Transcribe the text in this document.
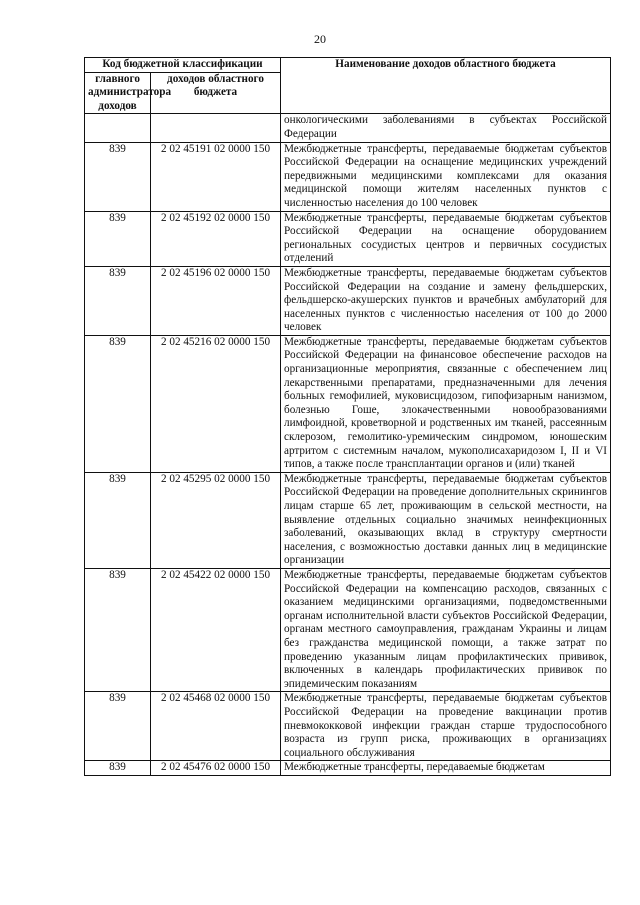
20
Код бюджетной классификации		Наименование доходов областного бюджета
главного администратора доходов	доходов областного бюджета	
		онкологическими заболеваниями в субъектах Российской Федерации
839	2 02 45191 02 0000 150	Межбюджетные трансферты, передаваемые бюджетам субъектов Российской Федерации на оснащение медицинских учреждений передвижными медицинскими комплексами для оказания медицинской помощи жителям населенных пунктов с численностью населения до 100 человек
839	2 02 45192 02 0000 150	Межбюджетные трансферты, передаваемые бюджетам субъектов Российской Федерации на оснащение оборудованием региональных сосудистых центров и первичных сосудистых отделений
839	2 02 45196 02 0000 150	Межбюджетные трансферты, передаваемые бюджетам субъектов Российской Федерации на создание и замену фельдшерских, фельдшерско-акушерских пунктов и врачебных амбулаторий для населенных пунктов с численностью населения от 100 до 2000 человек
839	2 02 45216 02 0000 150	Межбюджетные трансферты, передаваемые бюджетам субъектов Российской Федерации на финансовое обеспечение расходов на организационные мероприятия, связанные с обеспечением лиц лекарственными препаратами, предназначенными для лечения больных гемофилией, муковисцидозом, гипофизарным нанизмом, болезнью Гоше, злокачественными новообразованиями лимфоидной, кроветворной и родственных им тканей, рассеянным склерозом, гемолитико-уремическим синдромом, юношеским артритом с системным началом, мукополисахаридозом I, II и VI типов, а также после трансплантации органов и (или) тканей
839	2 02 45295 02 0000 150	Межбюджетные трансферты, передаваемые бюджетам субъектов Российской Федерации на проведение дополнительных скринингов лицам старше 65 лет, проживающим в сельской местности, на выявление отдельных социально значимых неинфекционных заболеваний, оказывающих вклад в структуру смертности населения, с возможностью доставки данных лиц в медицинские организации
839	2 02 45422 02 0000 150	Межбюджетные трансферты, передаваемые бюджетам субъектов Российской Федерации на компенсацию расходов, связанных с оказанием медицинскими организациями, подведомственными органам исполнительной власти субъектов Российской Федерации, органам местного самоуправления, гражданам Украины и лицам без гражданства медицинской помощи, а также затрат по проведению указанным лицам профилактических прививок, включенных в календарь профилактических прививок по эпидемическим показаниям
839	2 02 45468 02 0000 150	Межбюджетные трансферты, передаваемые бюджетам субъектов Российской Федерации на проведение вакцинации против пневмококковой инфекции граждан старше трудоспособного возраста из групп риска, проживающих в организациях социального обслуживания
839	2 02 45476 02 0000 150	Межбюджетные трансферты, передаваемые бюджетам
